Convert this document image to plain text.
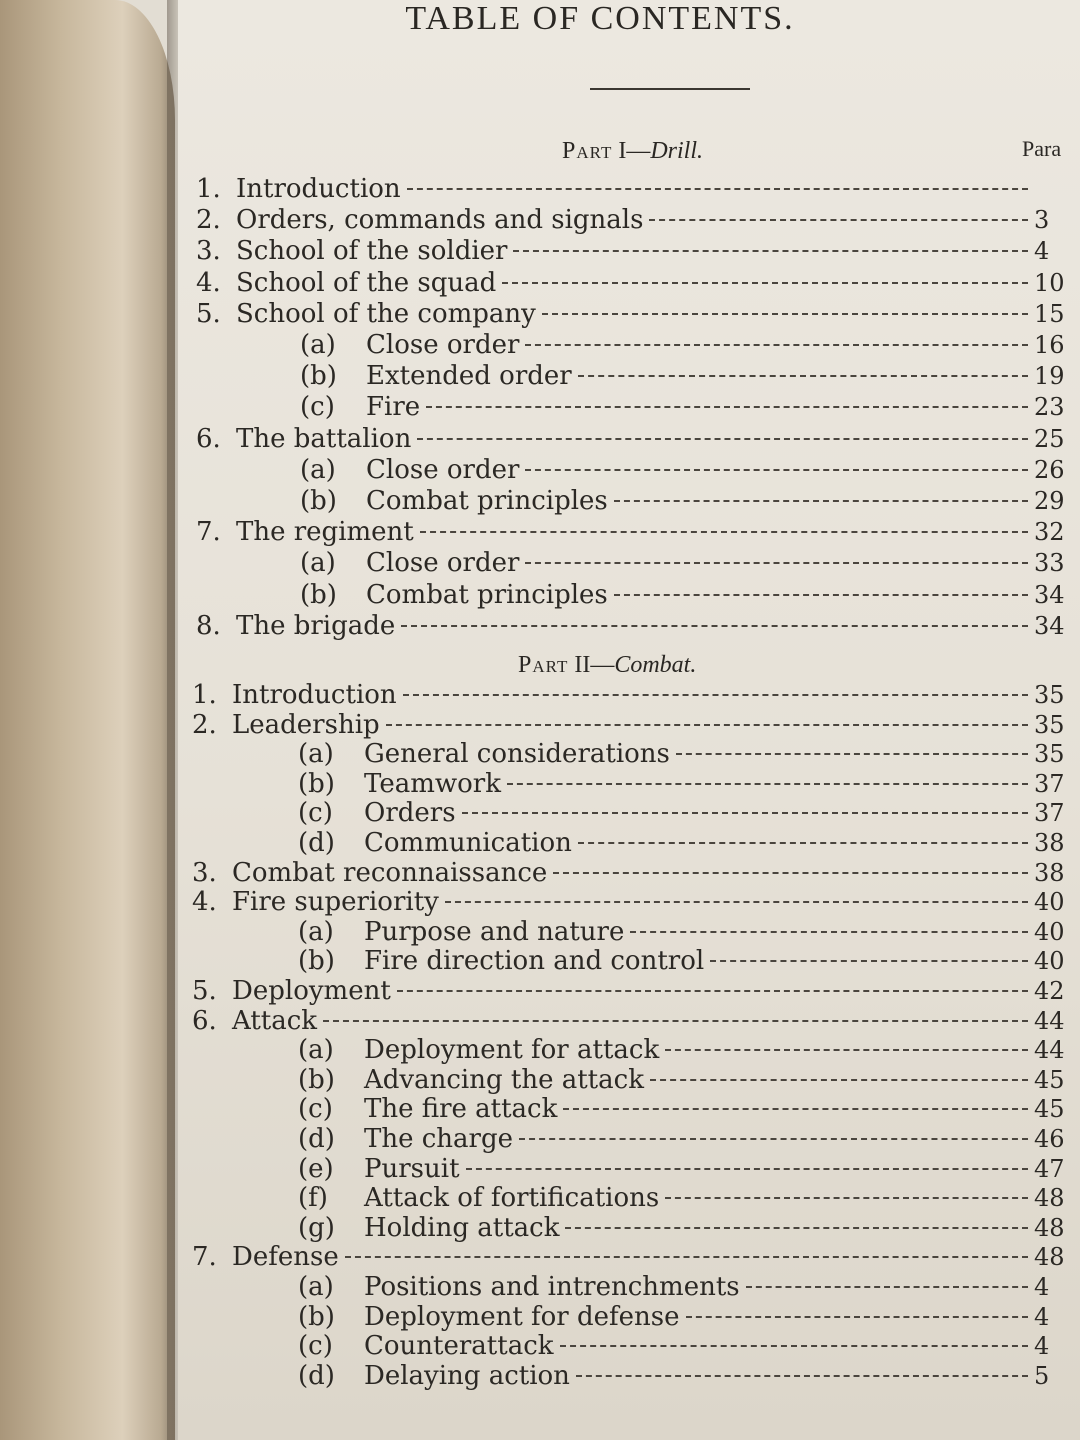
TABLE OF CONTENTS.
Para
Part I—Drill.
Part II—Combat.
1. Introduction
2. Orders, commands and signals	3
3. School of the soldier	4
4. School of the squad	10
5. School of the company	15
(a)	Close order	16
(b)	Extended order	19
(c)	Fire	23
6. The battalion	25
(a)	Close order	26
(b)	Combat principles	29
7. The regiment	32
(a)	Close order	33
(b)	Combat principles	34
8. The brigade	34
1. Introduction	35
2. Leadership	35
(a)	General considerations	35
(b)	Teamwork	37
(c)	Orders	37
(d)	Communication	38
3. Combat reconnaissance	38
4. Fire superiority	40
(a)	Purpose and nature	40
(b)	Fire direction and control	40
5. Deployment	42
6. Attack	44
(a)	Deployment for attack	44
(b)	Advancing the attack	45
(c)	The fire attack	45
(d)	The charge	46
(e)	Pursuit	47
(f)	Attack of fortifications	48
(g)	Holding attack	48
7. Defense	48
(a)	Positions and intrenchments	4
(b)	Deployment for defense	4
(c)	Counterattack	4
(d)	Delaying action	5
